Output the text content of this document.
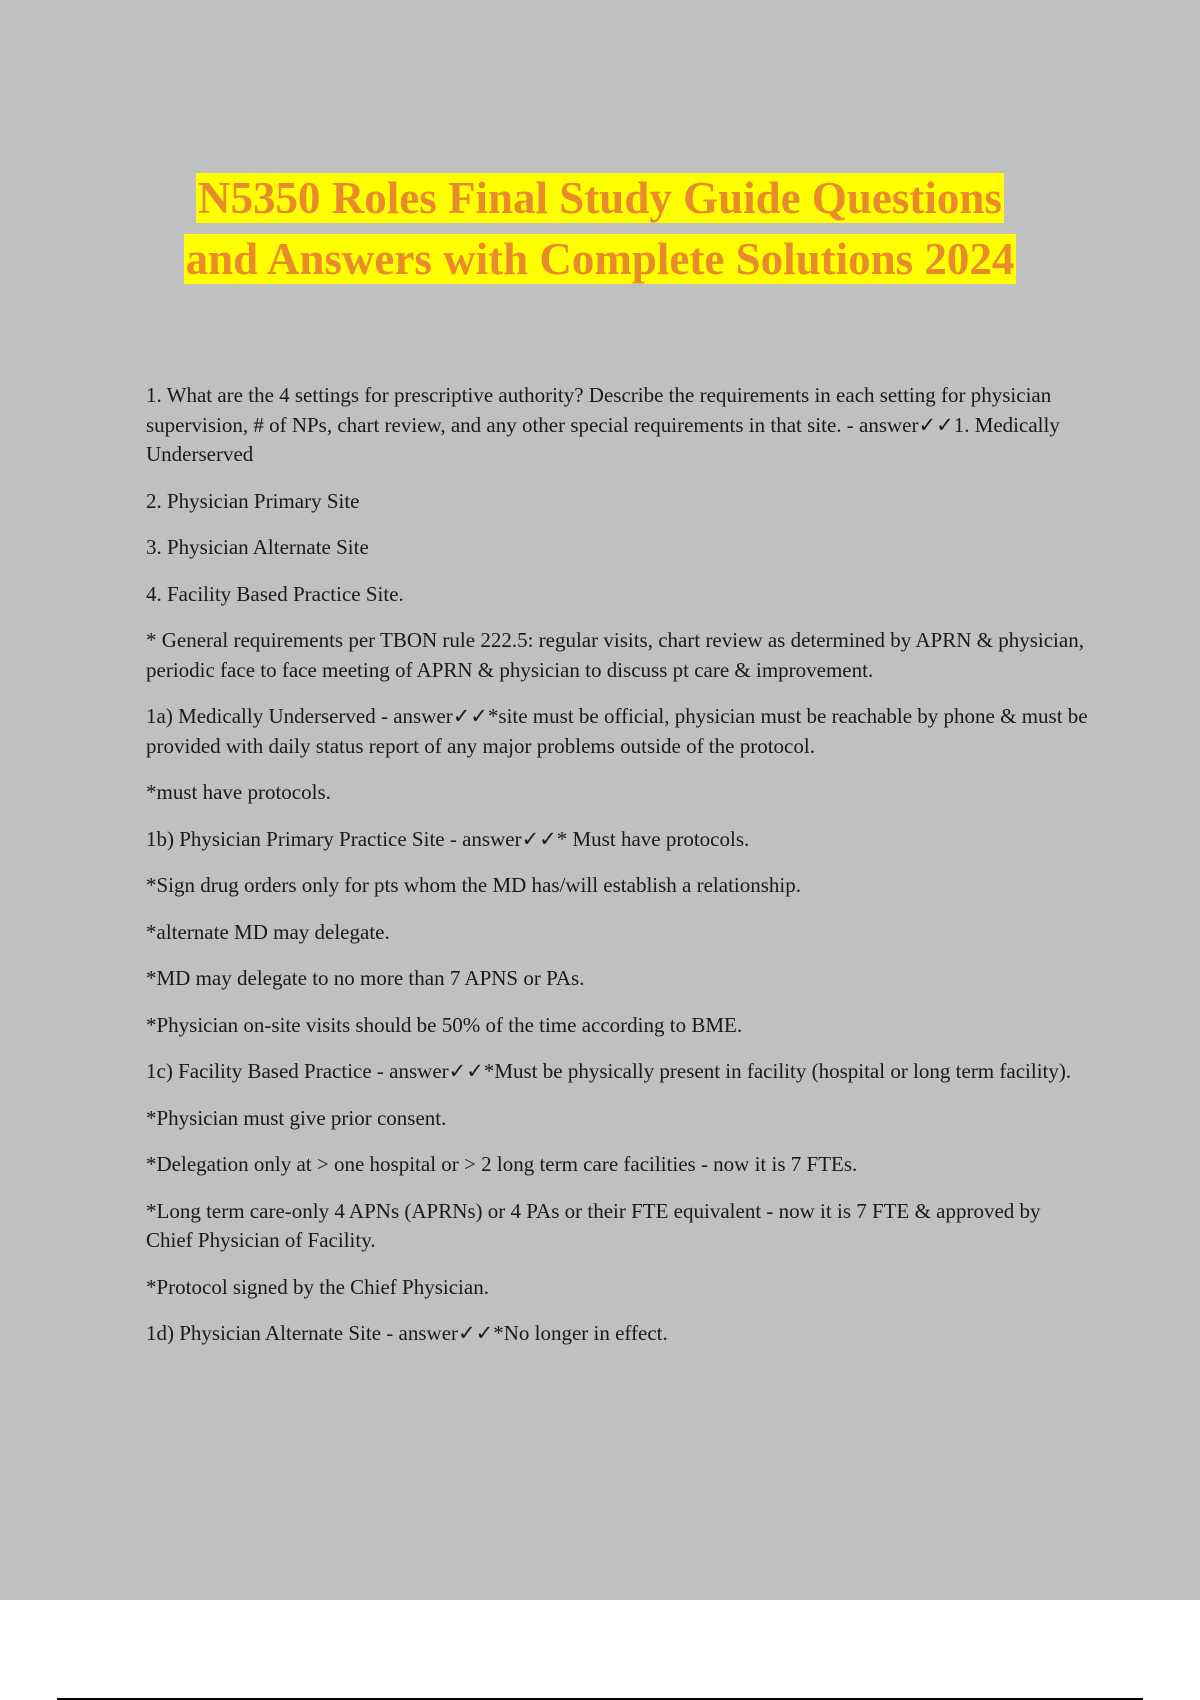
N5350 Roles Final Study Guide Questions
and Answers with Complete Solutions 2024

1. What are the 4 settings for prescriptive authority? Describe the requirements in each setting for physician supervision, # of NPs, chart review, and any other special requirements in that site. - answer✓✓1. Medically Underserved

2. Physician Primary Site

3. Physician Alternate Site

4. Facility Based Practice Site.

* General requirements per TBON rule 222.5: regular visits, chart review as determined by APRN & physician, periodic face to face meeting of APRN & physician to discuss pt care & improvement.

1a) Medically Underserved - answer✓✓*site must be official, physician must be reachable by phone & must be provided with daily status report of any major problems outside of the protocol.

*must have protocols.

1b) Physician Primary Practice Site - answer✓✓* Must have protocols.

*Sign drug orders only for pts whom the MD has/will establish a relationship.

*alternate MD may delegate.

*MD may delegate to no more than 7 APNS or PAs.

*Physician on-site visits should be 50% of the time according to BME.

1c) Facility Based Practice - answer✓✓*Must be physically present in facility (hospital or long term facility).

*Physician must give prior consent.

*Delegation only at > one hospital or > 2 long term care facilities - now it is 7 FTEs.

*Long term care-only 4 APNs (APRNs) or 4 PAs or their FTE equivalent - now it is 7 FTE & approved by Chief Physician of Facility.

*Protocol signed by the Chief Physician.

1d) Physician Alternate Site - answer✓✓*No longer in effect.
